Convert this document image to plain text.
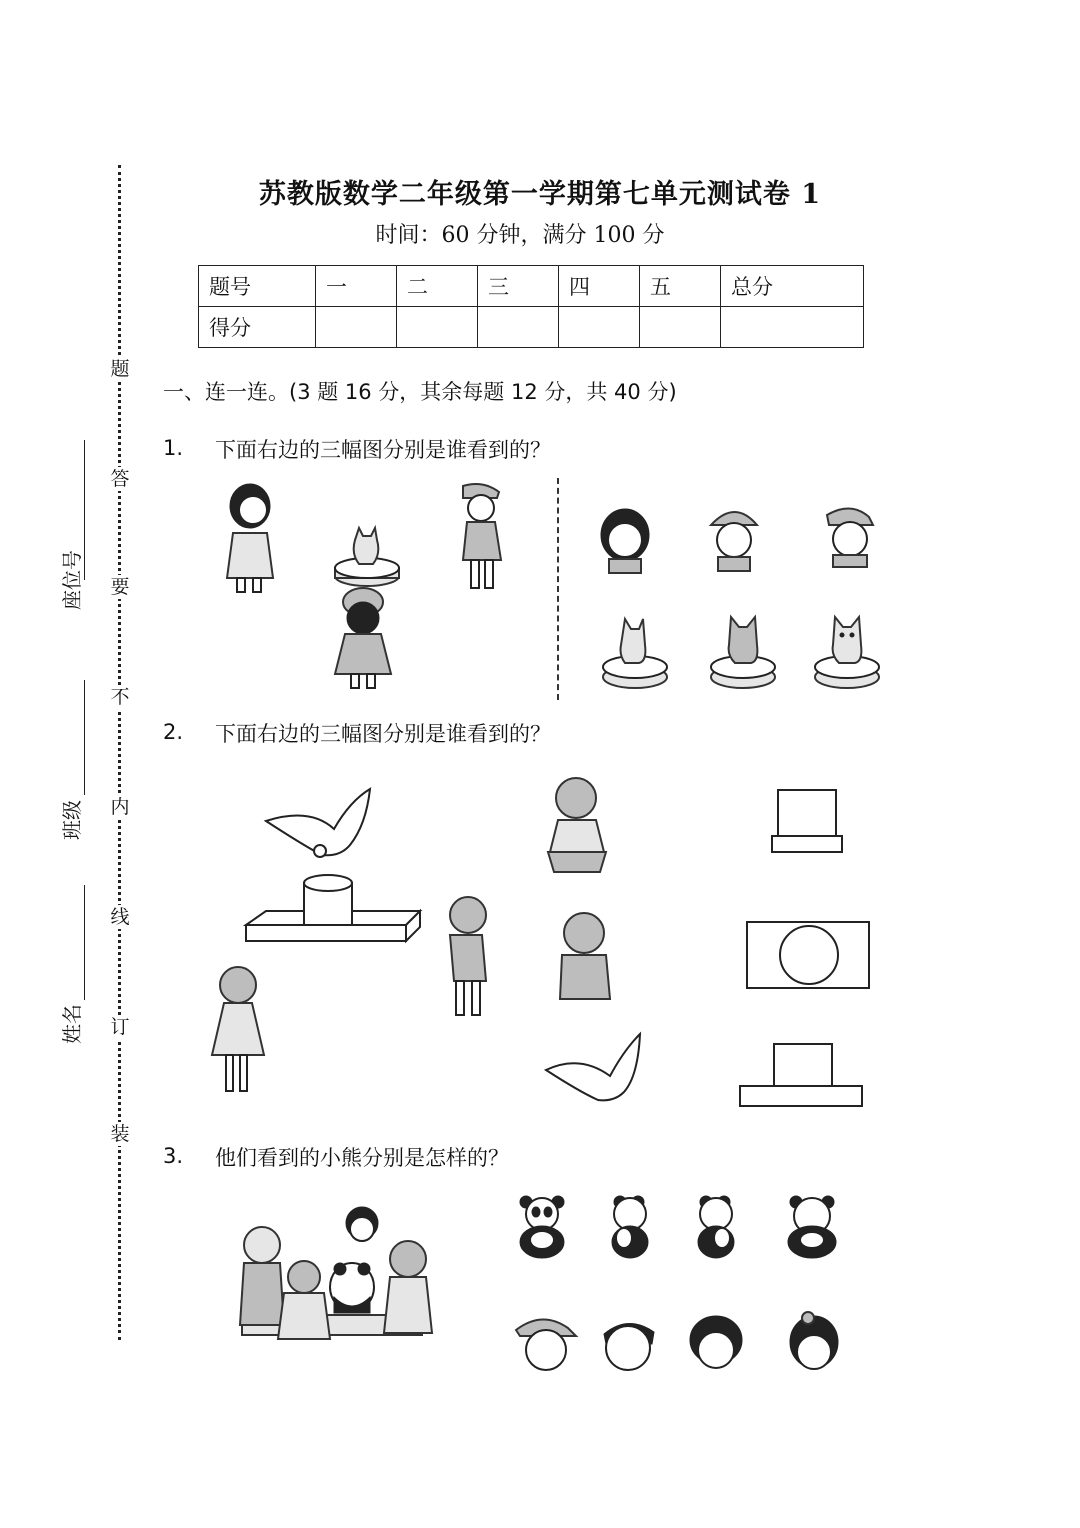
题
答
要
不
内
线
订
装
座位号
班级
姓名
苏教版数学二年级第一学期第七单元测试卷 1
时间：60 分钟，满分 100 分
题号	一	二	三	四	五	总分
得分						
一、连一连。(3 题 16 分，其余每题 12 分，共 40 分)
1. 下面右边的三幅图分别是谁看到的？
2. 下面右边的三幅图分别是谁看到的？
3. 他们看到的小熊分别是怎样的？
